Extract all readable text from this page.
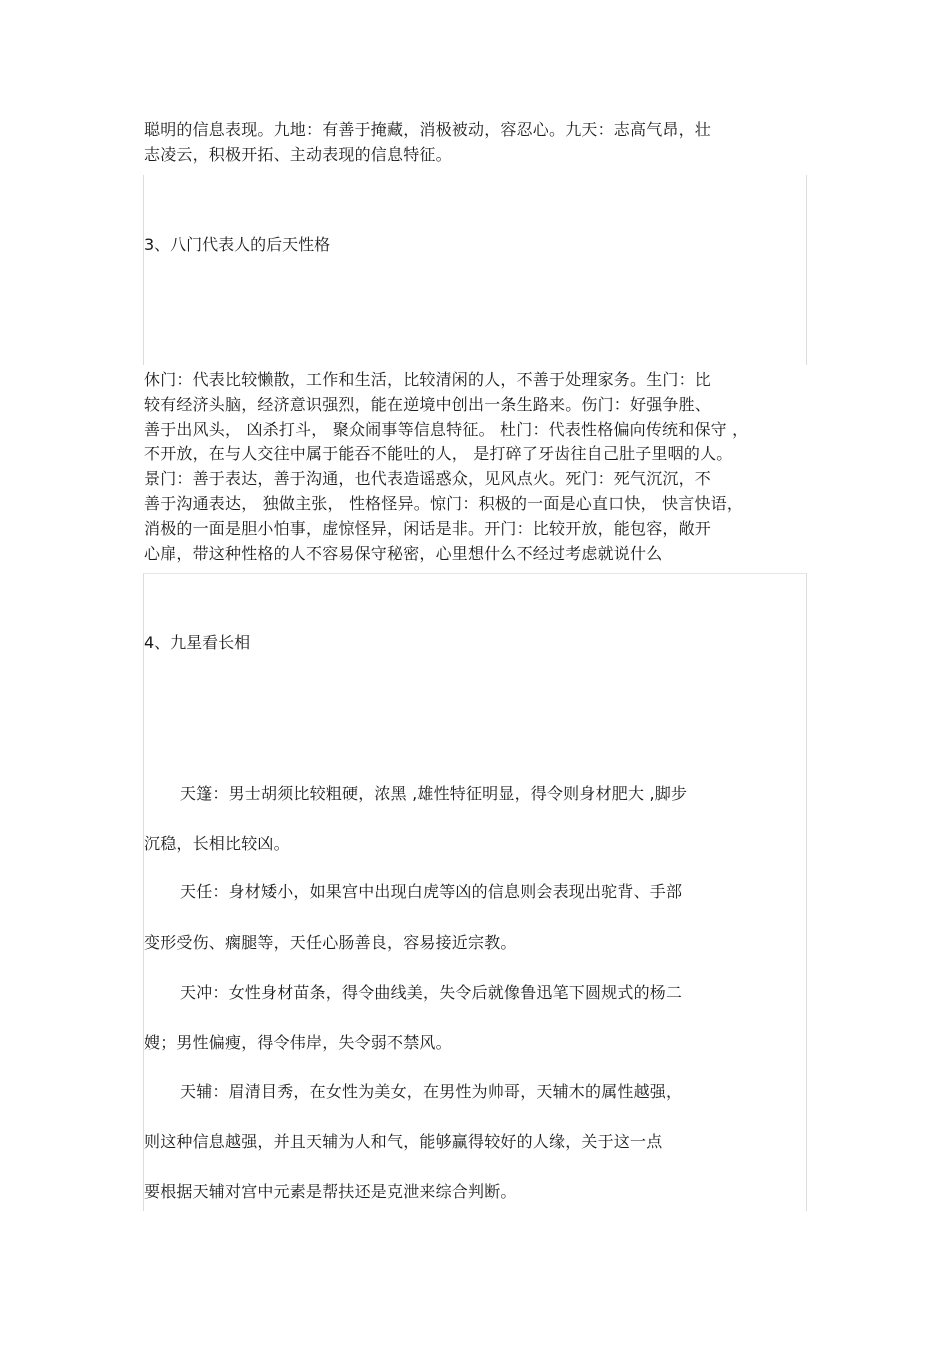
聪明的信息表现。九地：有善于掩藏，消极被动，容忍心。九天：志高气昂，壮
志凌云，积极开拓、主动表现的信息特征。
3、八门代表人的后天性格
休门：代表比较懒散，工作和生活，比较清闲的人，不善于处理家务。生门：比
较有经济头脑，经济意识强烈，能在逆境中创出一条生路来。伤门：好强争胜、
善于出风头， 凶杀打斗， 聚众闹事等信息特征。 杜门：代表性格偏向传统和保守 ，
不开放，在与人交往中属于能吞不能吐的人， 是打碎了牙齿往自己肚子里咽的人。
景门：善于表达，善于沟通，也代表造谣惑众，见风点火。死门：死气沉沉，不
善于沟通表达， 独做主张， 性格怪异。惊门：积极的一面是心直口快， 快言快语，
消极的一面是胆小怕事，虚惊怪异，闲话是非。开门：比较开放，能包容，敞开
心扉，带这种性格的人不容易保守秘密，心里想什么不经过考虑就说什么
4、九星看长相
天篷：男士胡须比较粗硬，浓黑 ,雄性特征明显，得令则身材肥大 ,脚步
沉稳，长相比较凶。
天任：身材矮小，如果宫中出现白虎等凶的信息则会表现出驼背、手部
变形受伤、瘸腿等，天任心肠善良，容易接近宗教。
天冲：女性身材苗条，得令曲线美，失令后就像鲁迅笔下圆规式的杨二
嫂；男性偏瘦，得令伟岸，失令弱不禁风。
天辅：眉清目秀，在女性为美女，在男性为帅哥，天辅木的属性越强，
则这种信息越强，并且天辅为人和气，能够赢得较好的人缘，关于这一点
要根据天辅对宫中元素是帮扶还是克泄来综合判断。
